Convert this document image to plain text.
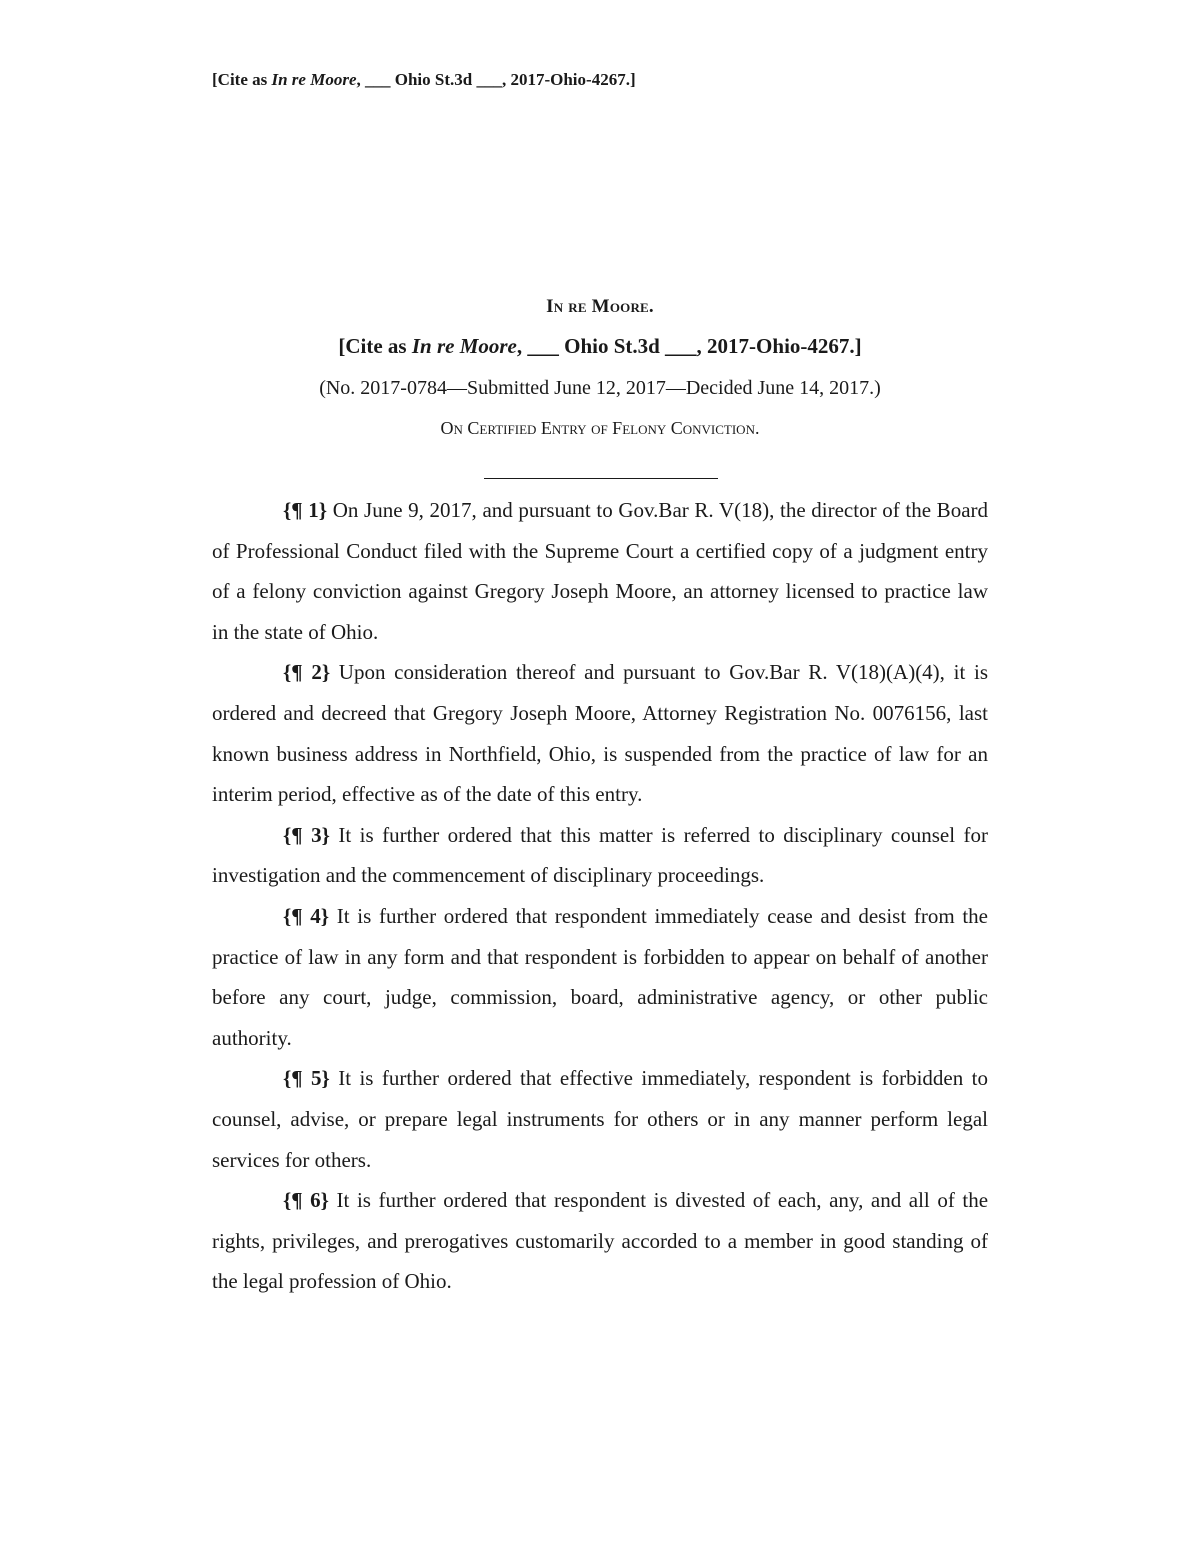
[Cite as In re Moore, ___ Ohio St.3d ___, 2017-Ohio-4267.]
In re Moore.
[Cite as In re Moore, ___ Ohio St.3d ___, 2017-Ohio-4267.]
(No. 2017-0784—Submitted June 12, 2017—Decided June 14, 2017.)
On Certified Entry of Felony Conviction.

{¶ 1} On June 9, 2017, and pursuant to Gov.Bar R. V(18), the director of the Board of Professional Conduct filed with the Supreme Court a certified copy of a judgment entry of a felony conviction against Gregory Joseph Moore, an attorney licensed to practice law in the state of Ohio.

{¶ 2} Upon consideration thereof and pursuant to Gov.Bar R. V(18)(A)(4), it is ordered and decreed that Gregory Joseph Moore, Attorney Registration No. 0076156, last known business address in Northfield, Ohio, is suspended from the practice of law for an interim period, effective as of the date of this entry.

{¶ 3} It is further ordered that this matter is referred to disciplinary counsel for investigation and the commencement of disciplinary proceedings.

{¶ 4} It is further ordered that respondent immediately cease and desist from the practice of law in any form and that respondent is forbidden to appear on behalf of another before any court, judge, commission, board, administrative agency, or other public authority.

{¶ 5} It is further ordered that effective immediately, respondent is forbidden to counsel, advise, or prepare legal instruments for others or in any manner perform legal services for others.

{¶ 6} It is further ordered that respondent is divested of each, any, and all of the rights, privileges, and prerogatives customarily accorded to a member in good standing of the legal profession of Ohio.
